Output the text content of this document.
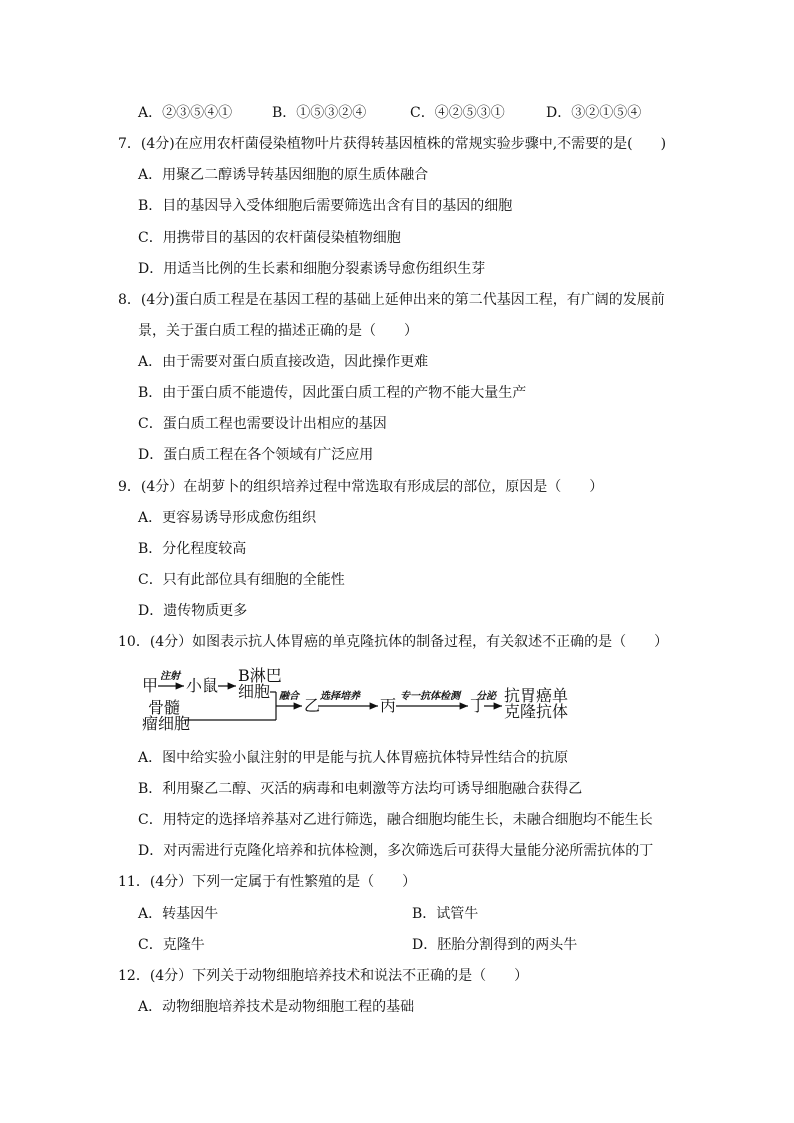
A．②③⑤④①	B．①⑤③②④	C．④②⑤③①	D．③②①⑤④
7．(4分)在应用农杆菌侵染植物叶片获得转基因植株的常规实验步骤中,不需要的是(　　)
A．用聚乙二醇诱导转基因细胞的原生质体融合
B．目的基因导入受体细胞后需要筛选出含有目的基因的细胞
C．用携带目的基因的农杆菌侵染植物细胞
D．用适当比例的生长素和细胞分裂素诱导愈伤组织生芽
8．(4分)蛋白质工程是在基因工程的基础上延伸出来的第二代基因工程，有广阔的发展前
景，关于蛋白质工程的描述正确的是（　　）
A．由于需要对蛋白质直接改造，因此操作更难
B．由于蛋白质不能遗传，因此蛋白质工程的产物不能大量生产
C．蛋白质工程也需要设计出相应的基因
D．蛋白质工程在各个领域有广泛应用
9．(4分）在胡萝卜的组织培养过程中常选取有形成层的部位，原因是（　　）
A．更容易诱导形成愈伤组织
B．分化程度较高
C．只有此部位具有细胞的全能性
D．遗传物质更多
10．(4分）如图表示抗人体胃癌的单克隆抗体的制备过程，有关叙述不正确的是（　　）
甲 注射 小鼠
B淋巴
细胞
骨髓
瘤细胞
融合 乙 选择培养 丙 专一抗体检测 丁
分泌 抗胃癌单
克隆抗体
A．图中给实验小鼠注射的甲是能与抗人体胃癌抗体特异性结合的抗原
B．利用聚乙二醇、灭活的病毒和电刺激等方法均可诱导细胞融合获得乙
C．用特定的选择培养基对乙进行筛选，融合细胞均能生长，未融合细胞均不能生长
D．对丙需进行克隆化培养和抗体检测，多次筛选后可获得大量能分泌所需抗体的丁
11．(4分）下列一定属于有性繁殖的是（　　）
A．转基因牛	B．试管牛
C．克隆牛	D．胚胎分割得到的两头牛
12．(4分）下列关于动物细胞培养技术和说法不正确的是（　　）
A．动物细胞培养技术是动物细胞工程的基础
